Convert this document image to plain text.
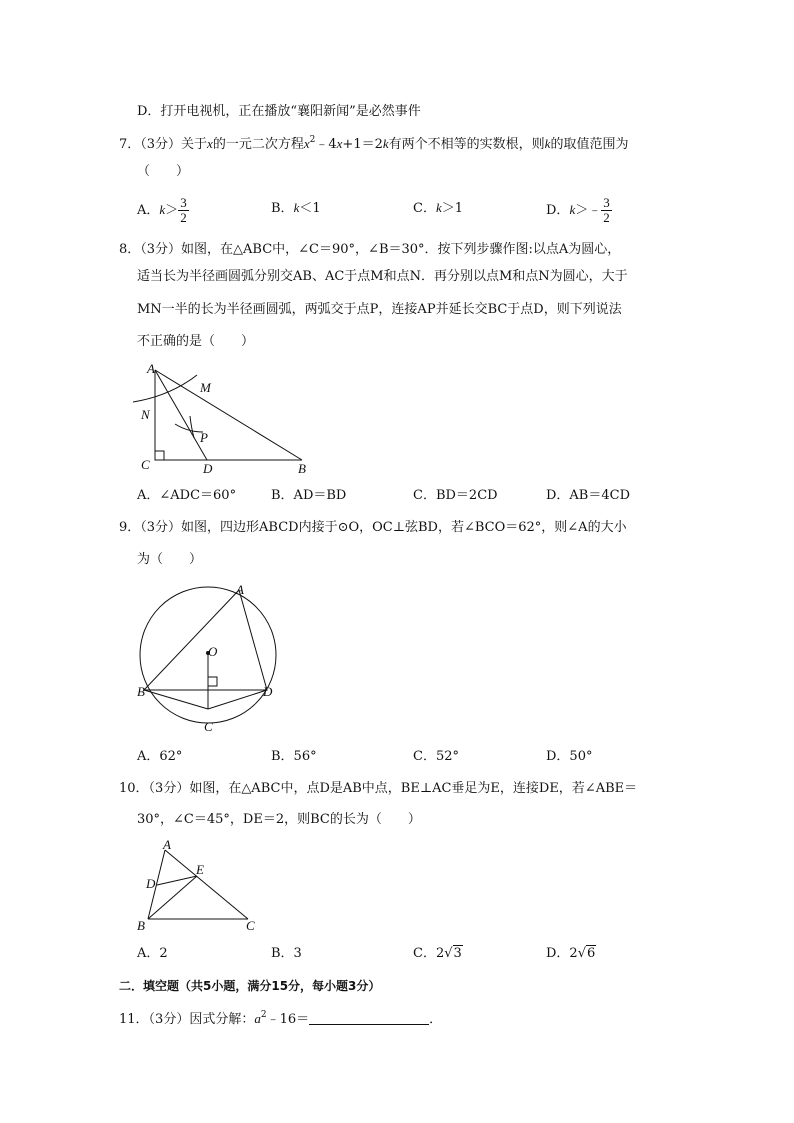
D．打开电视机，正在播放“襄阳新闻”是必然事件
7．（3分）关于x的一元二次方程$x^2﹣4x+1=2k$有两个不相等的实数根，则k的取值范围为
（　　）
A．$k> \frac{3}{2}$	B．k＜1	C．k＞1	D．k＞﹣ $\frac{3}{2}$
8．（3分）如图，在△ABC中，∠C＝90°，∠B＝30°．按下列步骤作图:以点A为圆心，
适当长为半径画圆弧分别交AB、AC于点M和点N．再分别以点M和点N为圆心，大于
MN一半的长为半径画圆弧，两弧交于点P，连接AP并延长交BC于点D，则下列说法
不正确的是（　　）
A
M
N
P
C	D	B
A．∠ADC＝60°	B．AD＝BD	C．BD＝2CD	D．AB＝4CD
9．（3分）如图，四边形ABCD内接于⊙O，OC⊥弦BD，若∠BCO＝62°，则∠A的大小
为（　　）
A
O
B	D
C
A．62°	B．56°	C．52°	D．50°
10．（3分）如图，在△ABC中，点D是AB中点，BE⊥AC垂足为E，连接DE，若∠ABE＝
30°，∠C＝45°，DE＝2，则BC的长为（　　）
A
E
D
B	C
A．2	B．3	C．2√3	D．2√6
二．填空题（共5小题，满分15分，每小题3分）
11．（3分）因式分解：$a^2﹣16=$	．
